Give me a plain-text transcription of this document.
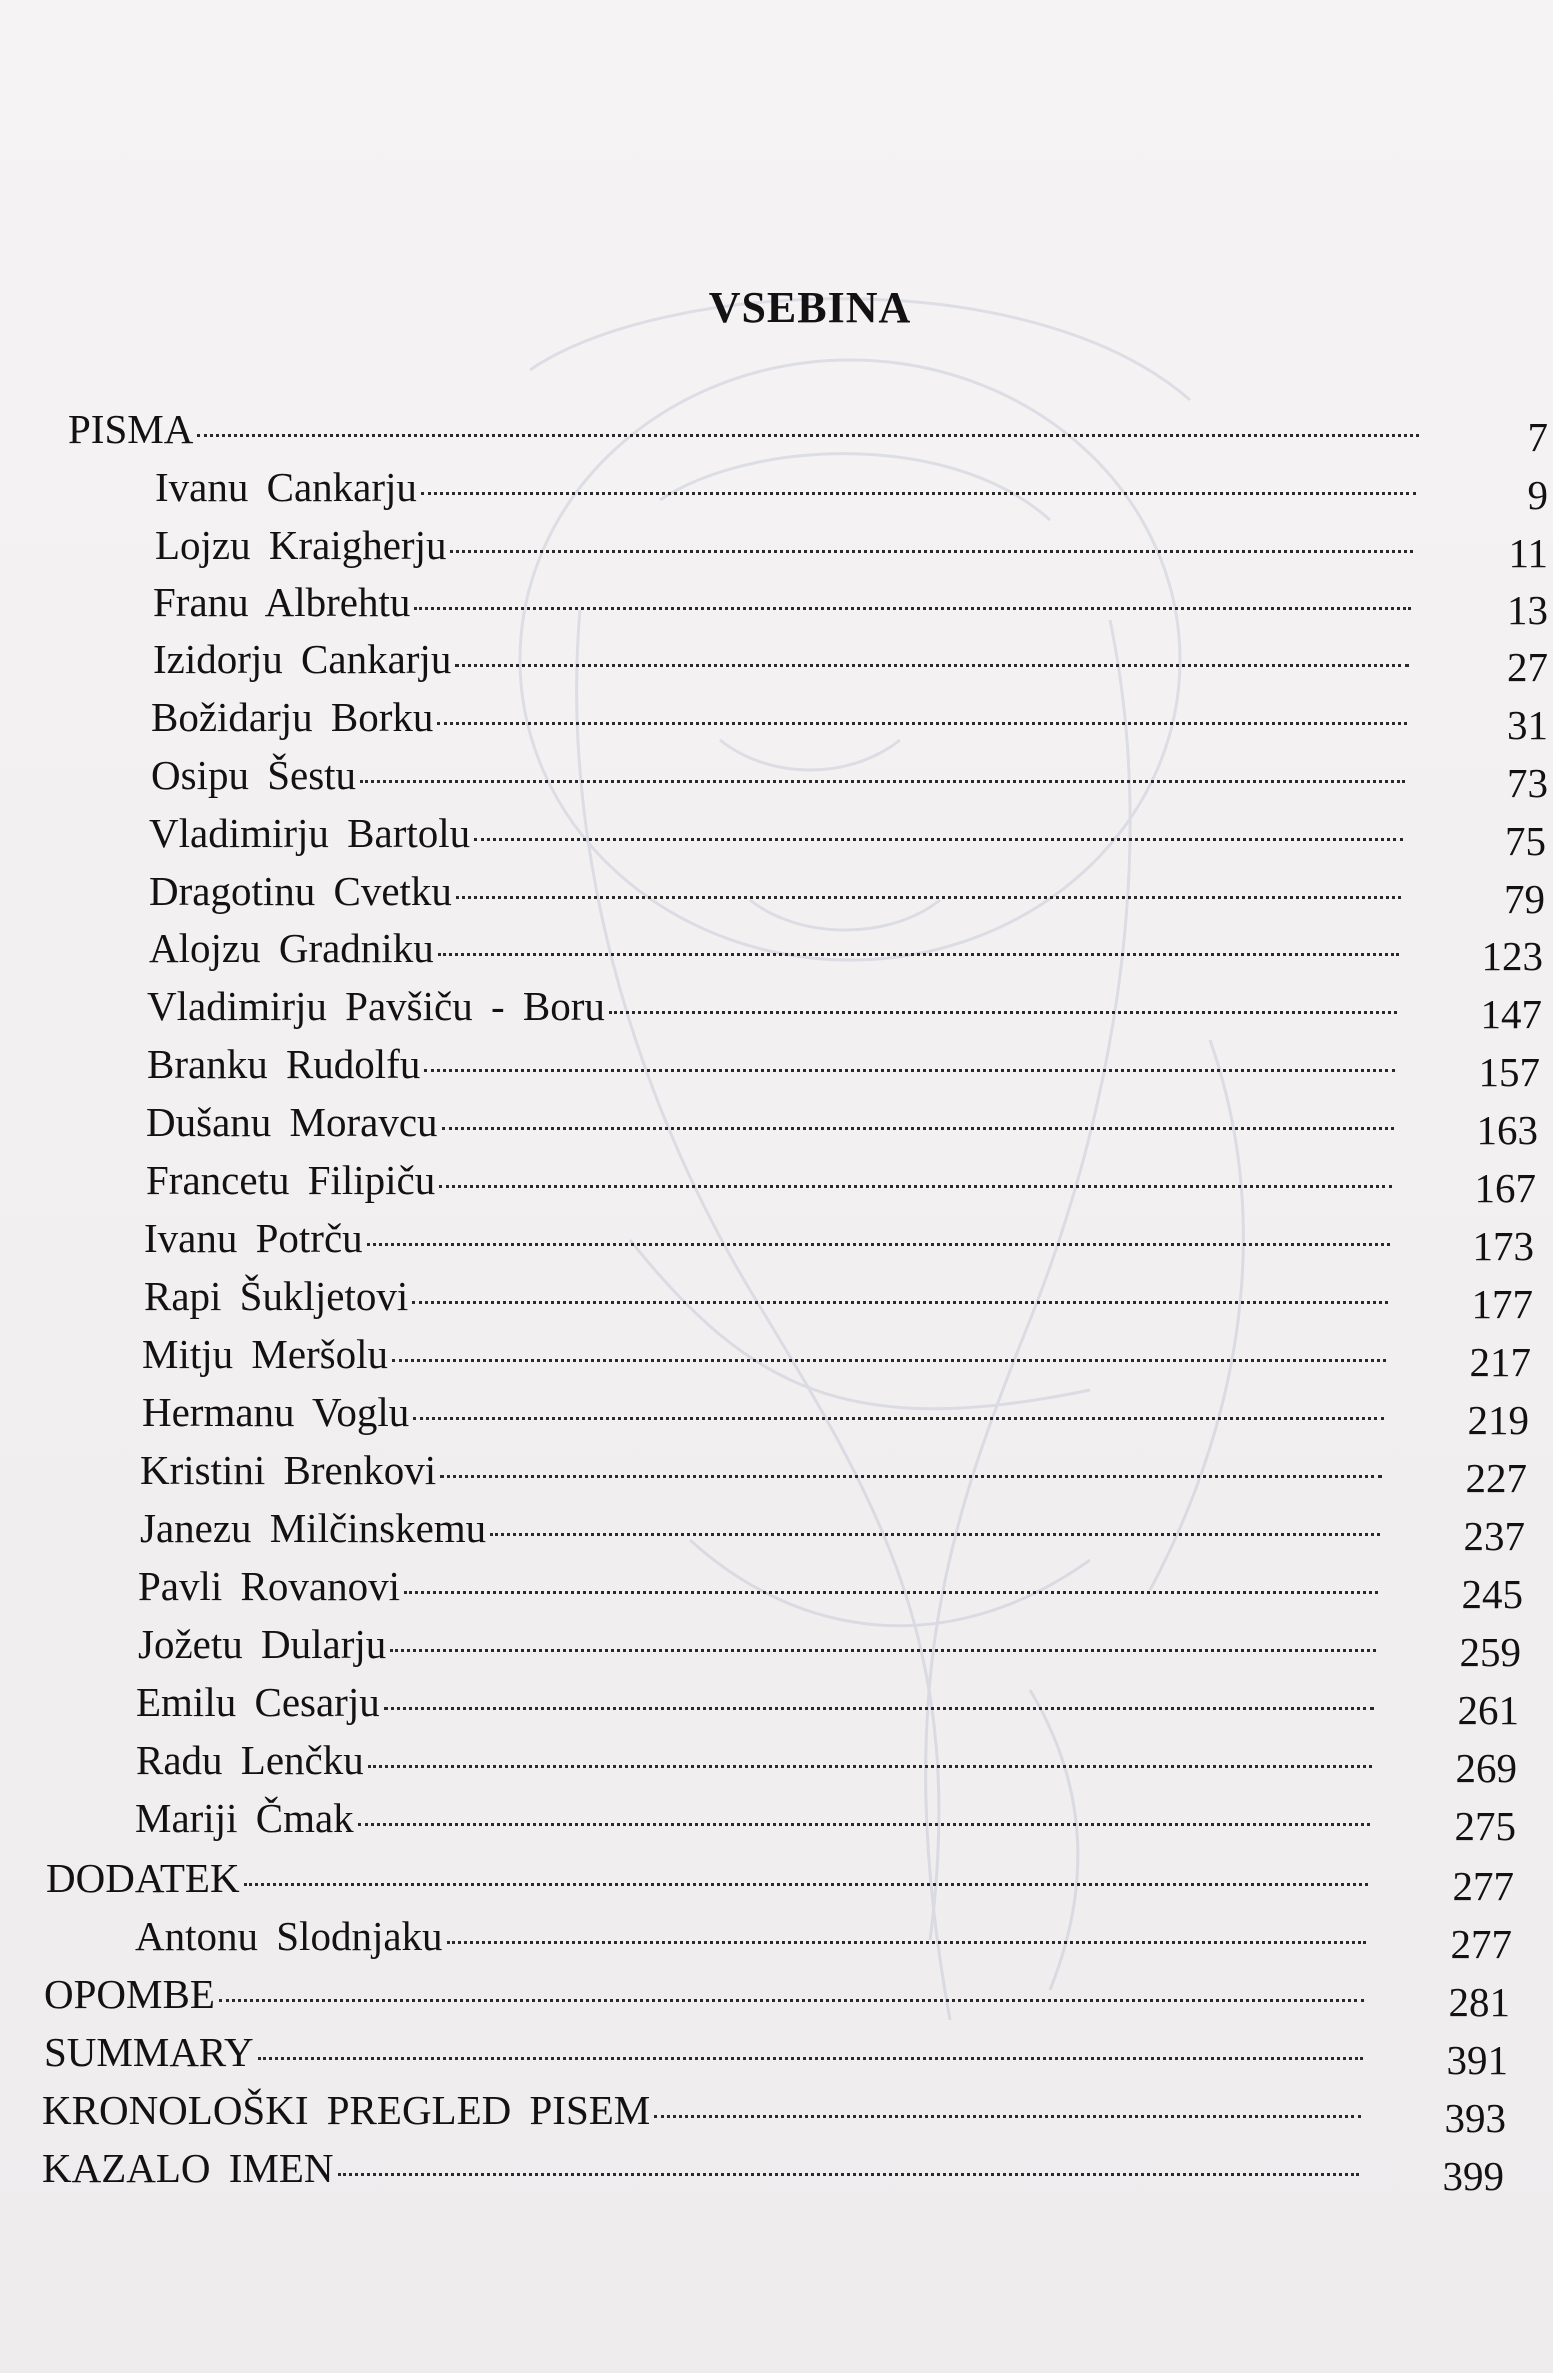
VSEBINA
PISMA	7
Ivanu Cankarju	9
Lojzu Kraigherju	11
Franu Albrehtu	13
Izidorju Cankarju	27
Božidarju Borku	31
Osipu Šestu	73
Vladimirju Bartolu	75
Dragotinu Cvetku	79
Alojzu Gradniku	123
Vladimirju Pavšiču - Boru	147
Branku Rudolfu	157
Dušanu Moravcu	163
Francetu Filipiču	167
Ivanu Potrču	173
Rapi Šukljetovi	177
Mitju Meršolu	217
Hermanu Voglu	219
Kristini Brenkovi	227
Janezu Milčinskemu	237
Pavli Rovanovi	245
Jožetu Dularju	259
Emilu Cesarju	261
Radu Lenčku	269
Mariji Čmak	275
DODATEK	277
Antonu Slodnjaku	277
OPOMBE	281
SUMMARY	391
KRONOLOŠKI PREGLED PISEM	393
KAZALO IMEN	399
